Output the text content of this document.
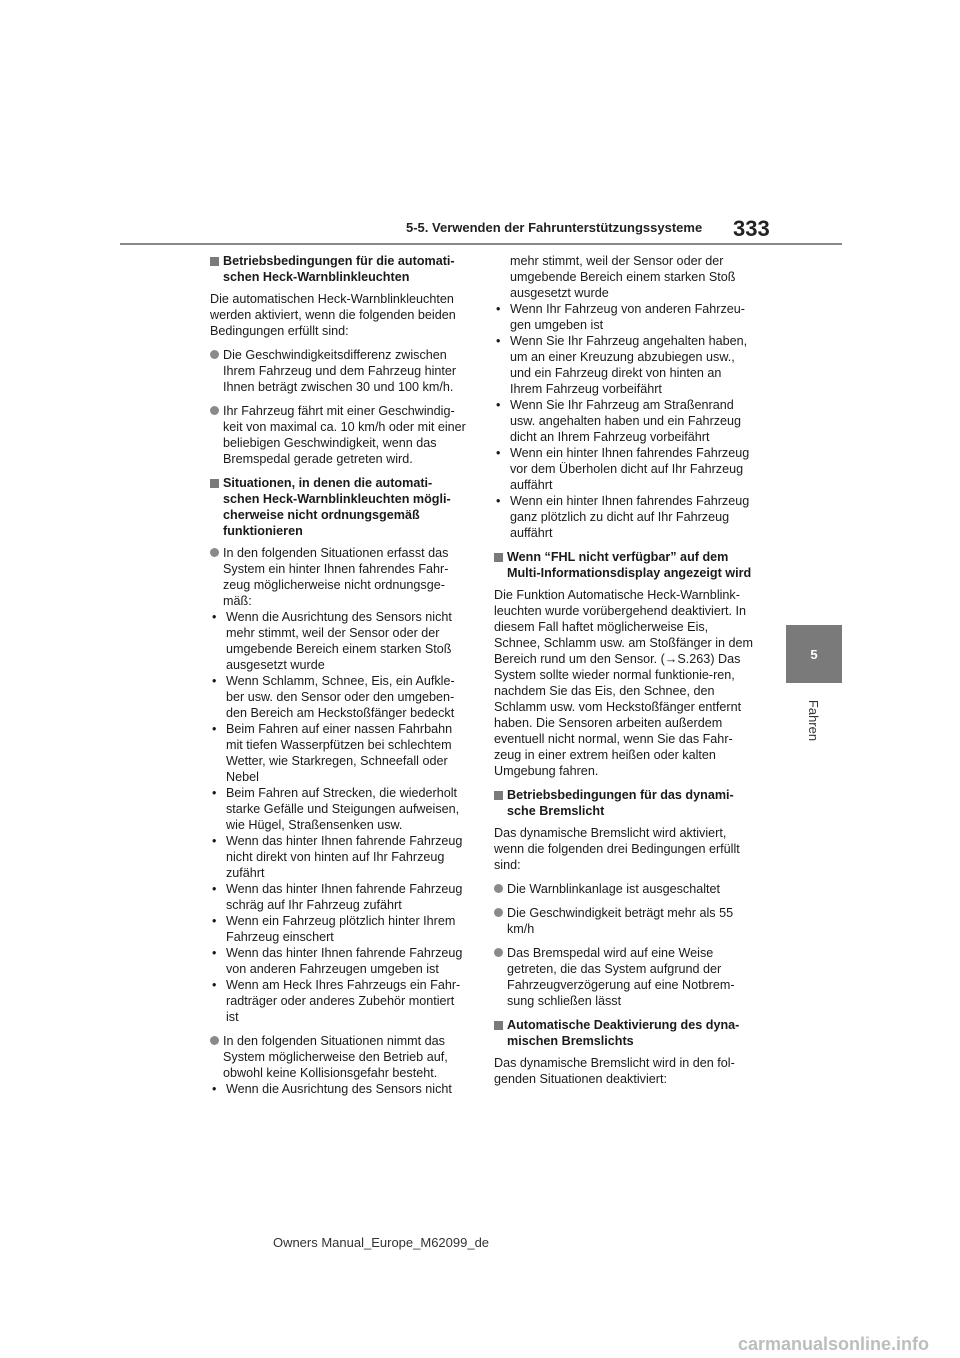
5-5. Verwenden der Fahrunterstützungssysteme 333
5
Fahren
Betriebsbedingungen für die automati-schen Heck-Warnblinkleuchten
Die automatischen Heck-Warnblinkleuchten werden aktiviert, wenn die folgenden beiden Bedingungen erfüllt sind:
Die Geschwindigkeitsdifferenz zwischen Ihrem Fahrzeug und dem Fahrzeug hinter Ihnen beträgt zwischen 30 und 100 km/h.
Ihr Fahrzeug fährt mit einer Geschwindig-keit von maximal ca. 10 km/h oder mit einer beliebigen Geschwindigkeit, wenn das Bremspedal gerade getreten wird.
Situationen, in denen die automati-schen Heck-Warnblinkleuchten mögli-cherweise nicht ordnungsgemäß funktionieren
In den folgenden Situationen erfasst das System ein hinter Ihnen fahrendes Fahr-zeug möglicherweise nicht ordnungsge-mäß:
• Wenn die Ausrichtung des Sensors nicht mehr stimmt, weil der Sensor oder der umgebende Bereich einem starken Stoß ausgesetzt wurde
• Wenn Schlamm, Schnee, Eis, ein Aufkle-ber usw. den Sensor oder den umgeben-den Bereich am Heckstoßfänger bedeckt
• Beim Fahren auf einer nassen Fahrbahn mit tiefen Wasserpfützen bei schlechtem Wetter, wie Starkregen, Schneefall oder Nebel
• Beim Fahren auf Strecken, die wiederholt starke Gefälle und Steigungen aufweisen, wie Hügel, Straßensenken usw.
• Wenn das hinter Ihnen fahrende Fahrzeug nicht direkt von hinten auf Ihr Fahrzeug zufährt
• Wenn das hinter Ihnen fahrende Fahrzeug schräg auf Ihr Fahrzeug zufährt
• Wenn ein Fahrzeug plötzlich hinter Ihrem Fahrzeug einschert
• Wenn das hinter Ihnen fahrende Fahrzeug von anderen Fahrzeugen umgeben ist
• Wenn am Heck Ihres Fahrzeugs ein Fahr-radträger oder anderes Zubehör montiert ist
In den folgenden Situationen nimmt das System möglicherweise den Betrieb auf, obwohl keine Kollisionsgefahr besteht.
• Wenn die Ausrichtung des Sensors nicht
mehr stimmt, weil der Sensor oder der umgebende Bereich einem starken Stoß ausgesetzt wurde
• Wenn Ihr Fahrzeug von anderen Fahrzeu-gen umgeben ist
• Wenn Sie Ihr Fahrzeug angehalten haben, um an einer Kreuzung abzubiegen usw., und ein Fahrzeug direkt von hinten an Ihrem Fahrzeug vorbeifährt
• Wenn Sie Ihr Fahrzeug am Straßenrand usw. angehalten haben und ein Fahrzeug dicht an Ihrem Fahrzeug vorbeifährt
• Wenn ein hinter Ihnen fahrendes Fahrzeug vor dem Überholen dicht auf Ihr Fahrzeug auffährt
• Wenn ein hinter Ihnen fahrendes Fahrzeug ganz plötzlich zu dicht auf Ihr Fahrzeug auffährt
Wenn “FHL nicht verfügbar” auf dem Multi-Informationsdisplay angezeigt wird
Die Funktion Automatische Heck-Warnblink-leuchten wurde vorübergehend deaktiviert. In diesem Fall haftet möglicherweise Eis, Schnee, Schlamm usw. am Stoßfänger in dem Bereich rund um den Sensor. (→S.263) Das System sollte wieder normal funktionie-ren, nachdem Sie das Eis, den Schnee, den Schlamm usw. vom Heckstoßfänger entfernt haben. Die Sensoren arbeiten außerdem eventuell nicht normal, wenn Sie das Fahr-zeug in einer extrem heißen oder kalten Umgebung fahren.
Betriebsbedingungen für das dynami-sche Bremslicht
Das dynamische Bremslicht wird aktiviert, wenn die folgenden drei Bedingungen erfüllt sind:
Die Warnblinkanlage ist ausgeschaltet
Die Geschwindigkeit beträgt mehr als 55 km/h
Das Bremspedal wird auf eine Weise getreten, die das System aufgrund der Fahrzeugverzögerung auf eine Notbrem-sung schließen lässt
Automatische Deaktivierung des dyna-mischen Bremslichts
Das dynamische Bremslicht wird in den fol-genden Situationen deaktiviert:
Owners Manual_Europe_M62099_de
carmanualsonline.info
